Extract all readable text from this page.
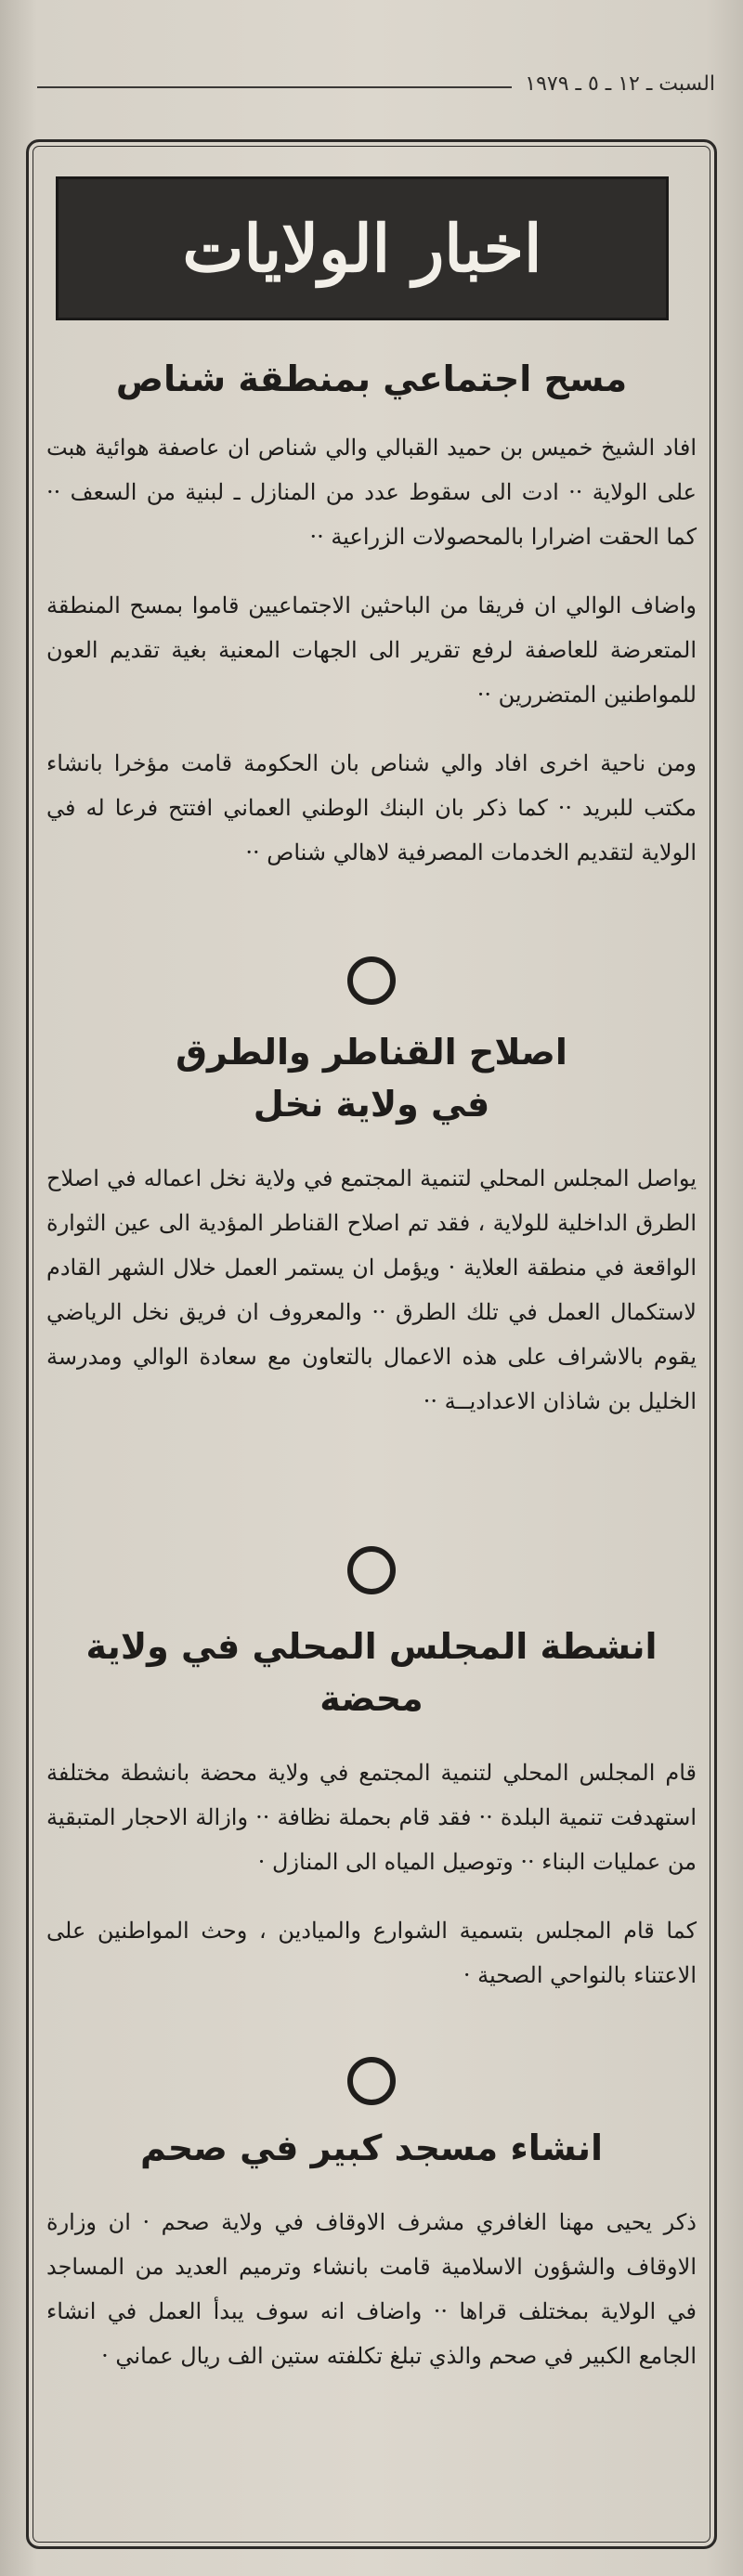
السبت ـ ١٢ ـ ٥ ـ ١٩٧٩
اخبار الولايات
مسح اجتماعي بمنطقة شناص

افاد الشيخ خميس بن حميد القبالي والي شناص ان عاصفة هوائية هبت على الولاية ·· ادت الى سقوط عدد من المنازل ـ لبنية من السعف ·· كما الحقت اضرارا بالمحصولات الزراعية ··

واضاف الوالي ان فريقا من الباحثين الاجتماعيين قاموا بمسح المنطقة المتعرضة للعاصفة لرفع تقرير الى الجهات المعنية بغية تقديم العون للمواطنين المتضررين ··

ومن ناحية اخرى افاد والي شناص بان الحكومة قامت مؤخرا بانشاء مكتب للبريد ·· كما ذكر بان البنك الوطني العماني افتتح فرعا له في الولاية لتقديم الخدمات المصرفية لاهالي شناص ··

اصلاح القناطر والطرق
في ولاية نخل

يواصل المجلس المحلي لتنمية المجتمع في ولاية نخل اعماله في اصلاح الطرق الداخلية للولاية ، فقد تم اصلاح القناطر المؤدية الى عين الثوارة الواقعة في منطقة العلاية · ويؤمل ان يستمر العمل خلال الشهر القادم لاستكمال العمل في تلك الطرق ·· والمعروف ان فريق نخل الرياضي يقوم بالاشراف على هذه الاعمال بالتعاون مع سعادة الوالي ومدرسة الخليل بن شاذان الاعداديــة ··

انشطة المجلس المحلي في ولاية محضة

قام المجلس المحلي لتنمية المجتمع في ولاية محضة بانشطة مختلفة استهدفت تنمية البلدة ·· فقد قام بحملة نظافة ·· وازالة الاحجار المتبقية من عمليات البناء ·· وتوصيل المياه الى المنازل ·

كما قام المجلس بتسمية الشوارع والميادين ، وحث المواطنين على الاعتناء بالنواحي الصحية ·

انشاء مسجد كبير في صحم

ذكر يحيى مهنا الغافري مشرف الاوقاف في ولاية صحم · ان وزارة الاوقاف والشؤون الاسلامية قامت بانشاء وترميم العديد من المساجد في الولاية بمختلف قراها ·· واضاف انه سوف يبدأ العمل في انشاء الجامع الكبير في صحم والذي تبلغ تكلفته ستين الف ريال عماني ·
